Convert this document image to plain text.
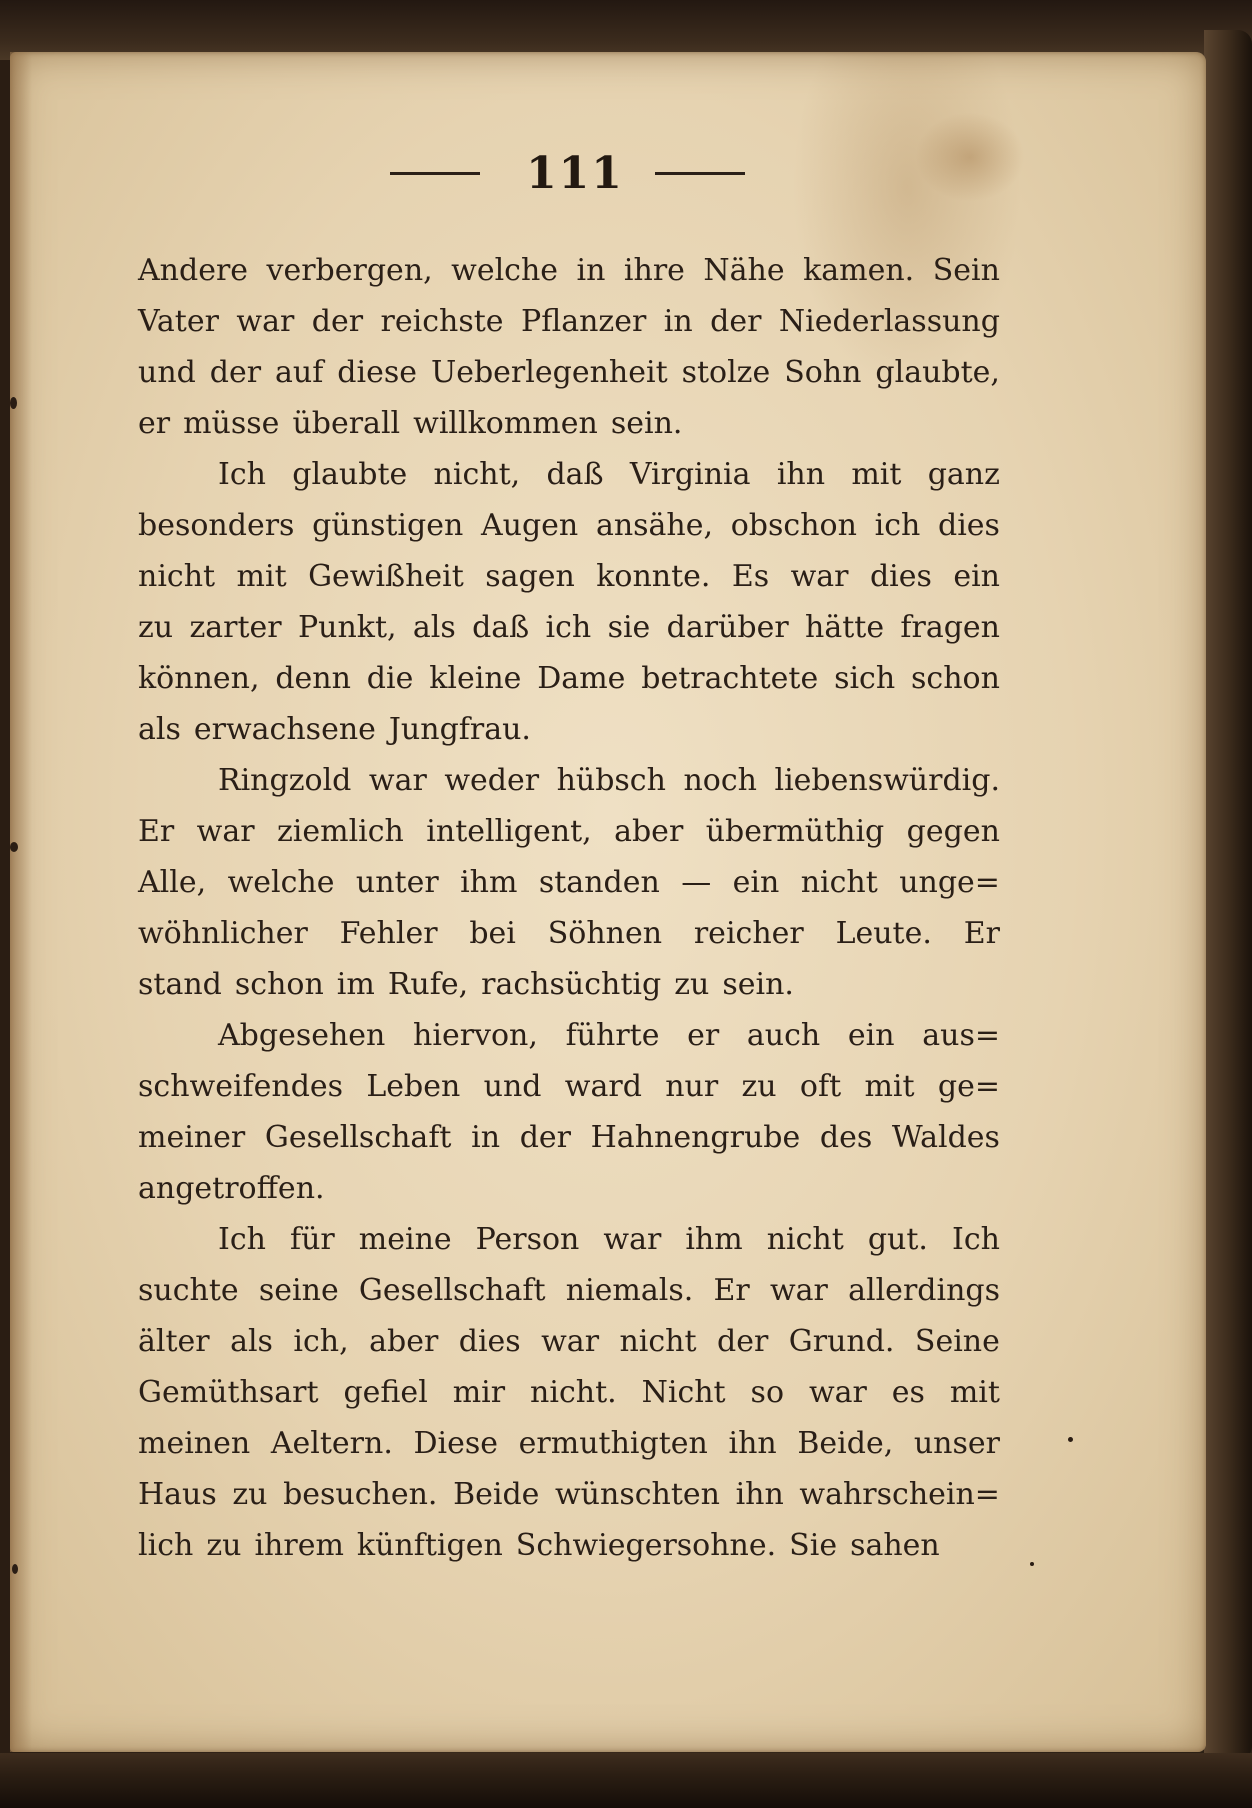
111
Andere verbergen, welche in ihre Nähe kamen. Sein
Vater war der reichste Pflanzer in der Niederlassung
und der auf diese Ueberlegenheit stolze Sohn glaubte,
er müsse überall willkommen sein.
Ich glaubte nicht, daß Virginia ihn mit ganz
besonders günstigen Augen ansähe, obschon ich dies
nicht mit Gewißheit sagen konnte. Es war dies ein
zu zarter Punkt, als daß ich sie darüber hätte fragen
können, denn die kleine Dame betrachtete sich schon
als erwachsene Jungfrau.
Ringzold war weder hübsch noch liebenswürdig.
Er war ziemlich intelligent, aber übermüthig gegen
Alle, welche unter ihm standen — ein nicht unge=
wöhnlicher Fehler bei Söhnen reicher Leute. Er
stand schon im Rufe, rachsüchtig zu sein.
Abgesehen hiervon, führte er auch ein aus=
schweifendes Leben und ward nur zu oft mit ge=
meiner Gesellschaft in der Hahnengrube des Waldes
angetroffen.
Ich für meine Person war ihm nicht gut. Ich
suchte seine Gesellschaft niemals. Er war allerdings
älter als ich, aber dies war nicht der Grund. Seine
Gemüthsart gefiel mir nicht. Nicht so war es mit
meinen Aeltern. Diese ermuthigten ihn Beide, unser
Haus zu besuchen. Beide wünschten ihn wahrschein=
lich zu ihrem künftigen Schwiegersohne. Sie sahen
